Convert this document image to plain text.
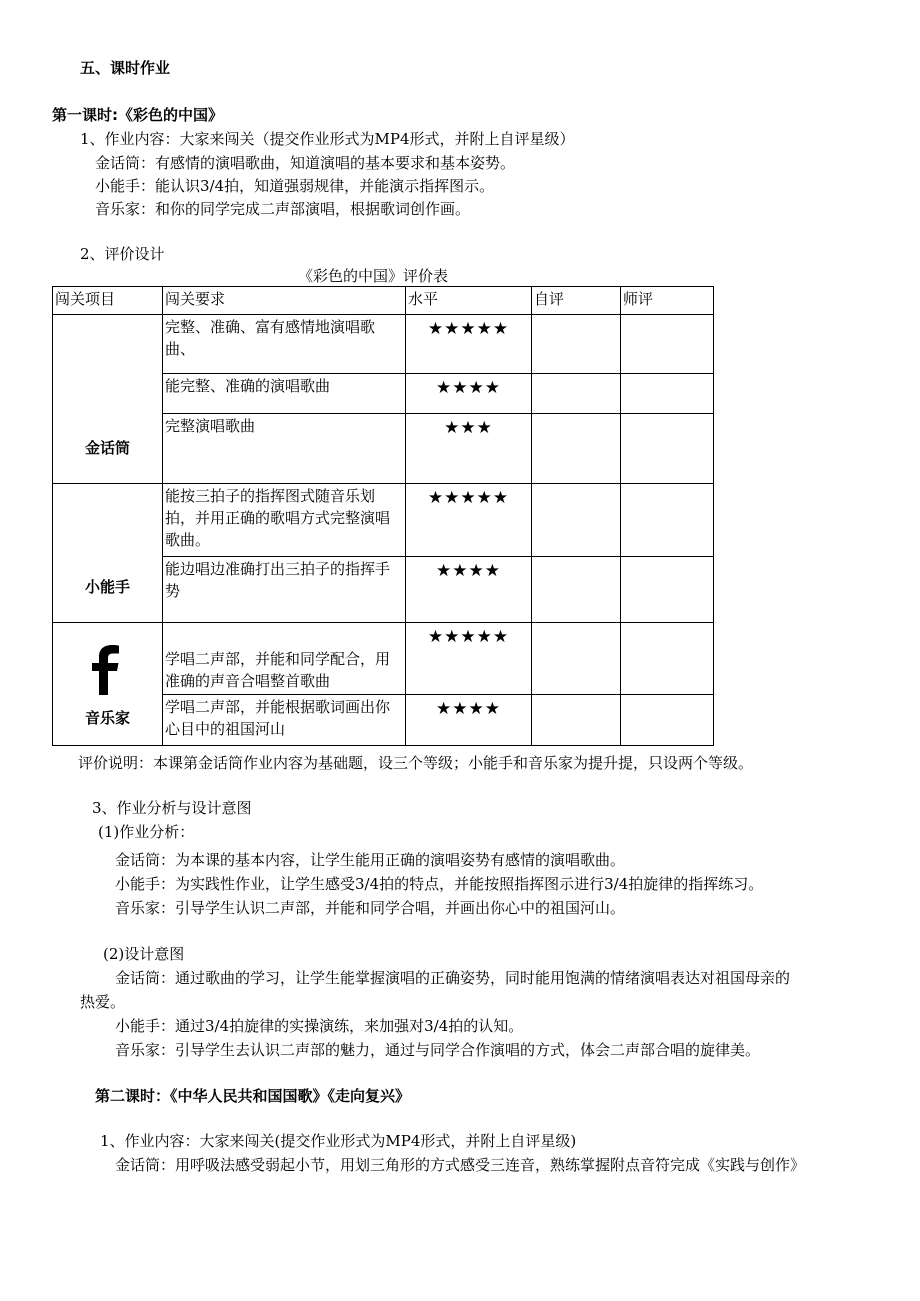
五、课时作业
第一课时:《彩色的中国》
1、作业内容：大家来闯关（提交作业形式为MP4形式，并附上自评星级）
金话筒：有感情的演唱歌曲，知道演唱的基本要求和基本姿势。
小能手：能认识3/4拍，知道强弱规律，并能演示指挥图示。
音乐家：和你的同学完成二声部演唱，根据歌词创作画。
2、评价设计
《彩色的中国》评价表
闯关项目	闯关要求	水平	自评	师评

金话筒	完整、准确、富有感情地演唱歌曲、	★★★★★		
	能完整、准确的演唱歌曲	★★★★		
	完整演唱歌曲	★★★		

小能手	能按三拍子的指挥图式随音乐划拍，并用正确的歌唱方式完整演唱歌曲。	★★★★★		
	能边唱边准确打出三拍子的指挥手势	★★★★		

音乐家	学唱二声部，并能和同学配合，用准确的声音合唱整首歌曲	★★★★★		
	学唱二声部，并能根据歌词画出你心目中的祖国河山	★★★★		
评价说明：本课第金话筒作业内容为基础题，设三个等级；小能手和音乐家为提升提，只设两个等级。
3、作业分析与设计意图
(1)作业分析：
金话筒：为本课的基本内容，让学生能用正确的演唱姿势有感情的演唱歌曲。
小能手：为实践性作业，让学生感受3/4拍的特点，并能按照指挥图示进行3/4拍旋律的指挥练习。
音乐家：引导学生认识二声部，并能和同学合唱，并画出你心中的祖国河山。
(2)设计意图
金话筒：通过歌曲的学习，让学生能掌握演唱的正确姿势，同时能用饱满的情绪演唱表达对祖国母亲的
热爱。
小能手：通过3/4拍旋律的实操演练，来加强对3/4拍的认知。
音乐家：引导学生去认识二声部的魅力，通过与同学合作演唱的方式，体会二声部合唱的旋律美。
第二课时：《中华人民共和国国歌》《走向复兴》
1、作业内容：大家来闯关(提交作业形式为MP4形式，并附上自评星级)
金话筒：用呼吸法感受弱起小节，用划三角形的方式感受三连音，熟练掌握附点音符完成《实践与创作》
